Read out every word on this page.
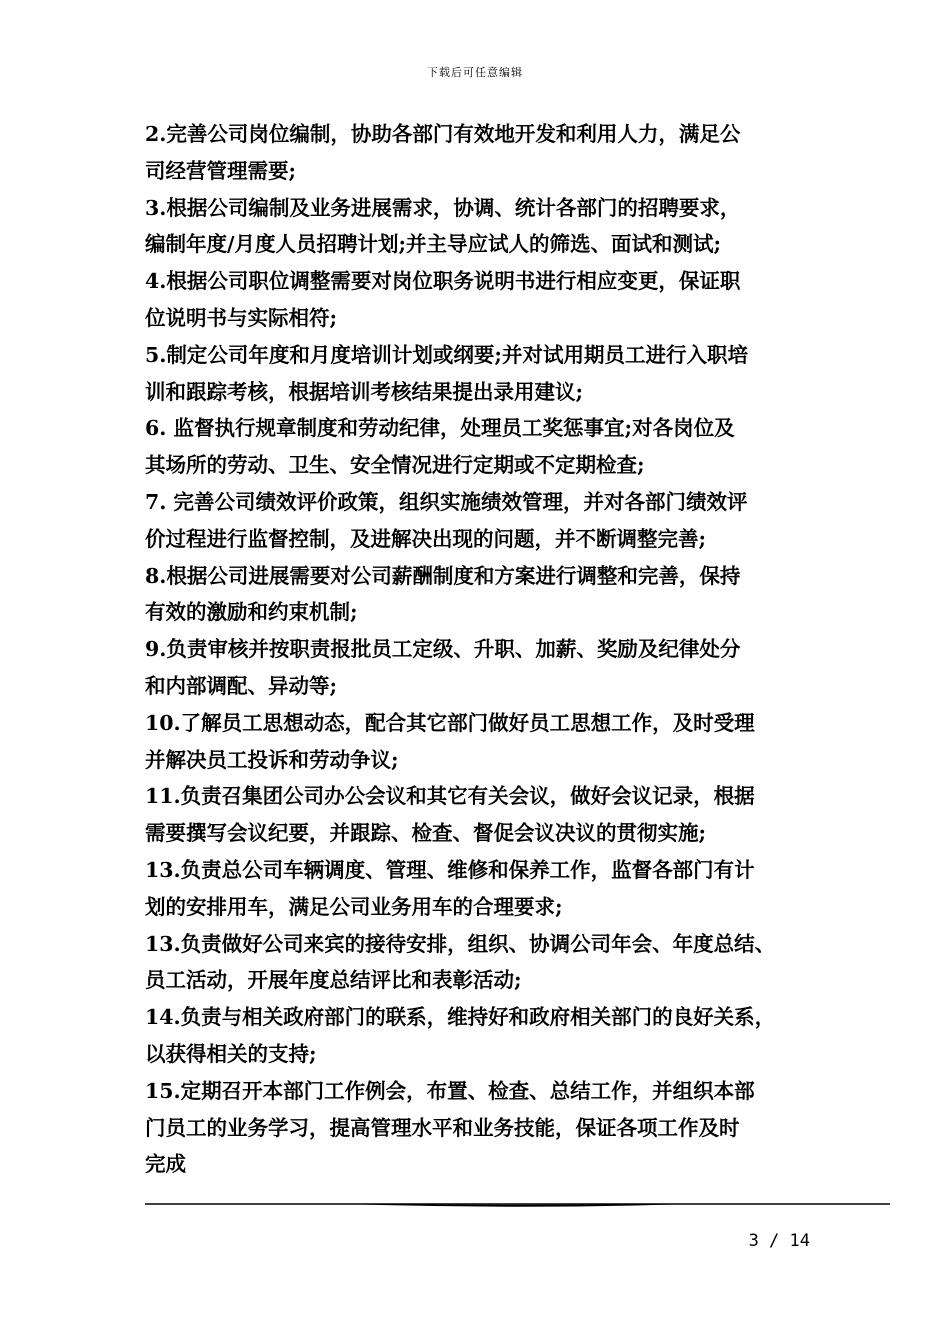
下载后可任意编辑

2.完善公司岗位编制，协助各部门有效地开发和利用人力，满足公

司经营管理需要;

3.根据公司编制及业务进展需求，协调、统计各部门的招聘要求，

编制年度/月度人员招聘计划;并主导应试人的筛选、面试和测试;

4.根据公司职位调整需要对岗位职务说明书进行相应变更，保证职

位说明书与实际相符;

5.制定公司年度和月度培训计划或纲要;并对试用期员工进行入职培

训和跟踪考核，根据培训考核结果提出录用建议;

6. 监督执行规章制度和劳动纪律，处理员工奖惩事宜;对各岗位及

其场所的劳动、卫生、安全情况进行定期或不定期检查;

7. 完善公司绩效评价政策，组织实施绩效管理，并对各部门绩效评

价过程进行监督控制，及进解决出现的问题，并不断调整完善;

8.根据公司进展需要对公司薪酬制度和方案进行调整和完善，保持

有效的激励和约束机制;

9.负责审核并按职责报批员工定级、升职、加薪、奖励及纪律处分

和内部调配、异动等;

10.了解员工思想动态，配合其它部门做好员工思想工作，及时受理

并解决员工投诉和劳动争议;

11.负责召集团公司办公会议和其它有关会议，做好会议记录，根据

需要撰写会议纪要，并跟踪、检查、督促会议决议的贯彻实施;

13.负责总公司车辆调度、管理、维修和保养工作，监督各部门有计

划的安排用车，满足公司业务用车的合理要求;

13.负责做好公司来宾的接待安排，组织、协调公司年会、年度总结、

员工活动，开展年度总结评比和表彰活动;

14.负责与相关政府部门的联系，维持好和政府相关部门的良好关系，

以获得相关的支持;

15.定期召开本部门工作例会，布置、检查、总结工作，并组织本部

门员工的业务学习，提高管理水平和业务技能，保证各项工作及时

完成

3 / 14
